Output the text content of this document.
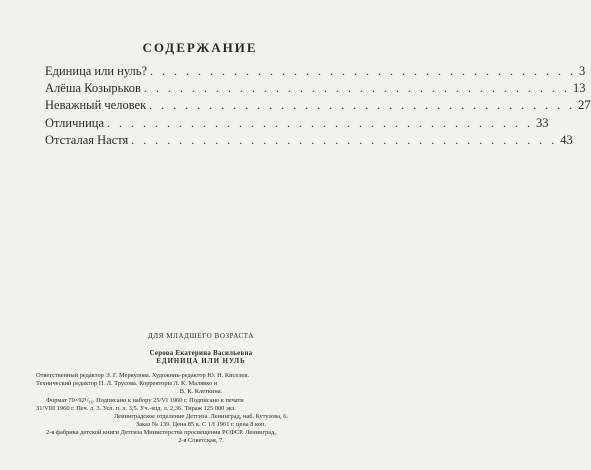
СОДЕРЖАНИЕ
Единица или нуль? . . . . . . . . . . . . . . . . . . . . . . . . . . . . . . . . . . . . 3
Алёша Козырьков . . . . . . . . . . . . . . . . . . . . . . . . . . . . . . . . . . . . 13
Неважный человек . . . . . . . . . . . . . . . . . . . . . . . . . . . . . . . . . . . . 27
Отличница . . . . . . . . . . . . . . . . . . . . . . . . . . . . . . . . . . . . 33
Отсталая Настя . . . . . . . . . . . . . . . . . . . . . . . . . . . . . . . . . . . . 43
ДЛЯ МЛАДШЕГО ВОЗРАСТА
Серова Екатерина Васильевна
ЕДИНИЦА ИЛИ НУЛЬ
Ответственный редактор Э. Г. Меркулова. Художник-редактор Ю. Н. Киселев.
Технический редактор П. Л. Трусова. Корректоры Л. К. Малявко и
В. К. Клеткина.
Формат 70×92¹/₁₆. Подписано к набору 25/VI 1960 г. Подписано к печати
31/VIII 1960 г. Печ. л. 3. Усл. п. л. 3,5. Уч.-изд. л. 2,36. Тираж 125 000 экз.
Ленинградское отделение Детгиза. Ленинград, наб. Кутузова, 6.
Заказ № 139. Цена 85 к. С 1/I 1961 г. цена 8 коп.
2-я фабрика детской книги Детгиза Министерства просвещения РСФСР. Ленинград,
2-я Советская, 7.
